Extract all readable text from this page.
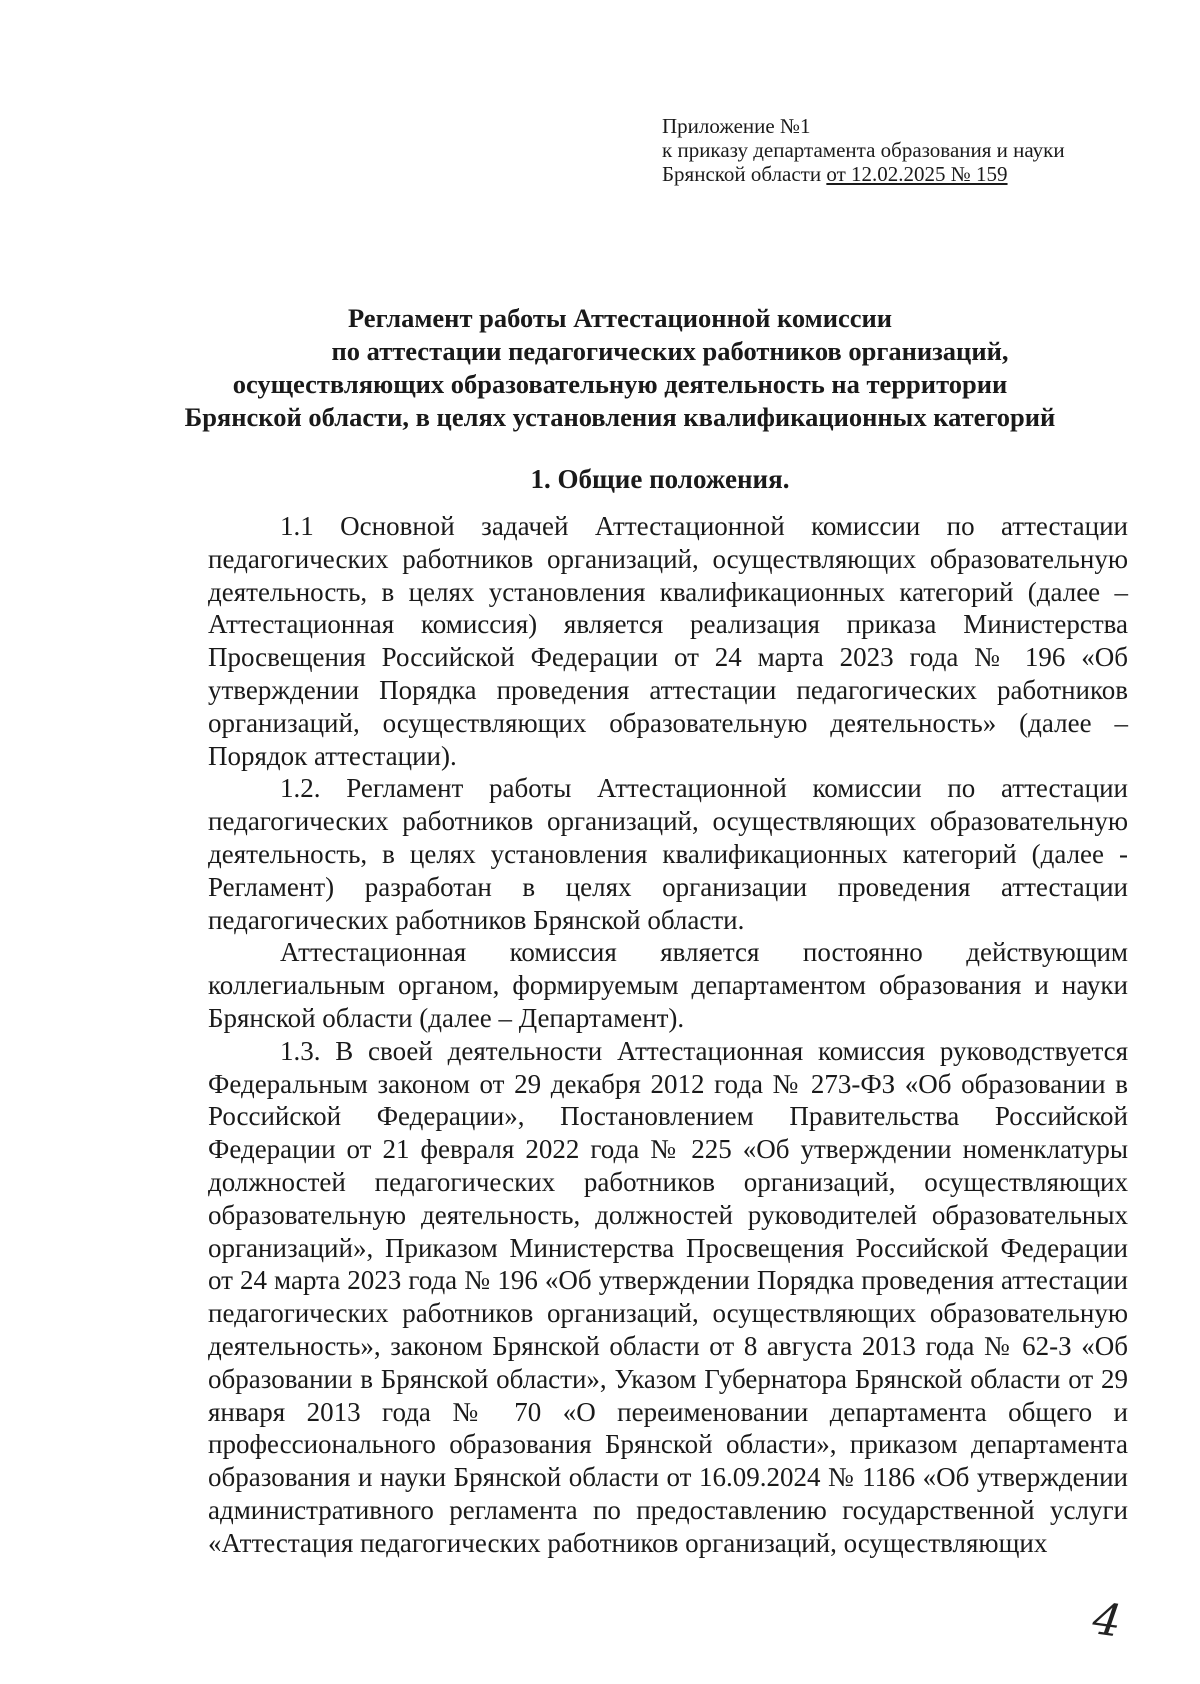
Приложение №1
к приказу департамента образования и науки
Брянской области от 12.02.2025 № 159
Регламент работы Аттестационной комиссии
по аттестации педагогических работников организаций,
осуществляющих образовательную деятельность на территории
Брянской области, в целях установления квалификационных категорий
1. Общие положения.

1.1 Основной задачей Аттестационной комиссии по аттестации педагогических работников организаций, осуществляющих образовательную деятельность, в целях установления квалификационных категорий (далее – Аттестационная комиссия) является реализация приказа Министерства Просвещения Российской Федерации от 24 марта 2023 года № 196 «Об утверждении Порядка проведения аттестации педагогических работников организаций, осуществляющих образовательную деятельность» (далее – Порядок аттестации).

1.2. Регламент работы Аттестационной комиссии по аттестации педагогических работников организаций, осуществляющих образовательную деятельность, в целях установления квалификационных категорий (далее - Регламент) разработан в целях организации проведения аттестации педагогических работников Брянской области.

Аттестационная комиссия является постоянно действующим коллегиальным органом, формируемым департаментом образования и науки Брянской области (далее – Департамент).

1.3. В своей деятельности Аттестационная комиссия руководствуется Федеральным законом от 29 декабря 2012 года № 273-ФЗ «Об образовании в Российской Федерации», Постановлением Правительства Российской Федерации от 21 февраля 2022 года № 225 «Об утверждении номенклатуры должностей педагогических работников организаций, осуществляющих образовательную деятельность, должностей руководителей образовательных организаций», Приказом Министерства Просвещения Российской Федерации от 24 марта 2023 года № 196 «Об утверждении Порядка проведения аттестации педагогических работников организаций, осуществляющих образовательную деятельность», законом Брянской области от 8 августа 2013 года № 62-З «Об образовании в Брянской области», Указом Губернатора Брянской области от 29 января 2013 года № 70 «О переименовании департамента общего и профессионального образования Брянской области», приказом департамента образования и науки Брянской области от 16.09.2024 № 1186 «Об утверждении административного регламента по предоставлению государственной услуги «Аттестация педагогических работников организаций, осуществляющих

4
